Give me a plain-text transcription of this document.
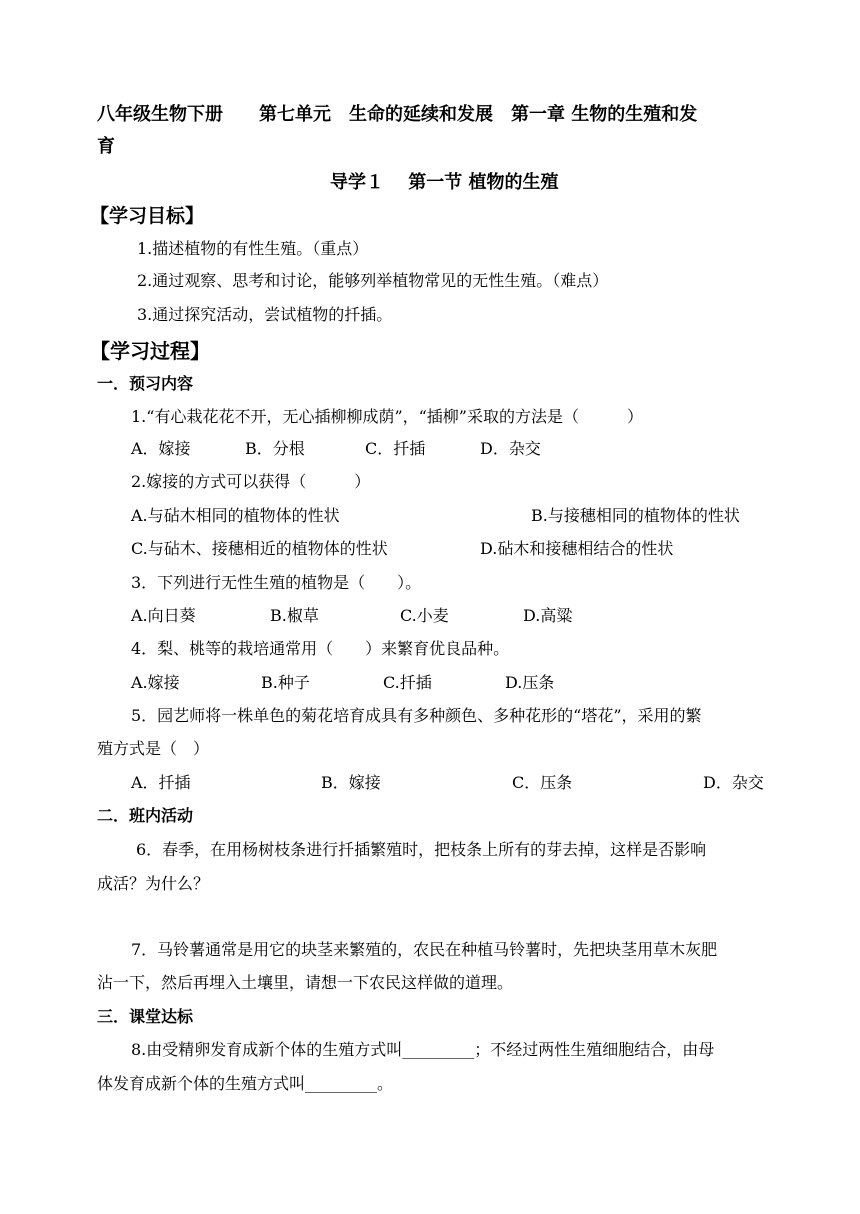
八年级生物下册　　第七单元　生命的延续和发展　第一章 生物的生殖和发
育
导学１　 第一节 植物的生殖
【学习目标】
1.描述植物的有性生殖。（重点）
2.通过观察、思考和讨论，能够列举植物常见的无性生殖。（难点）
3.通过探究活动，尝试植物的扦插。
【学习过程】
一．预习内容
1.“有心栽花花不开，无心插柳柳成荫”，“插柳”采取的方法是（　　　）
A．嫁接	B．分根	C．扦插	D．杂交
2.嫁接的方式可以获得（　　　）
A.与砧木相同的植物体的性状	B.与接穗相同的植物体的性状
C.与砧木、接穗相近的植物体的性状	D.砧木和接穗相结合的性状
3．下列进行无性生殖的植物是（　　）。
A.向日葵	B.椒草	C.小麦	D.高粱
4．梨、桃等的栽培通常用（　　）来繁育优良品种。
A.嫁接	B.种子	C.扦插	D.压条
5．园艺师将一株单色的菊花培育成具有多种颜色、多种花形的“塔花”，采用的繁
殖方式是（　）
A．扦插	B．嫁接	C．压条	D．杂交
二．班内活动
6．春季，在用杨树枝条进行扦插繁殖时，把枝条上所有的芽去掉，这样是否影响
成活？为什么？
7．马铃薯通常是用它的块茎来繁殖的，农民在种植马铃薯时，先把块茎用草木灰肥
沾一下，然后再埋入土壤里，请想一下农民这样做的道理。
三．课堂达标
8.由受精卵发育成新个体的生殖方式叫_________；不经过两性生殖细胞结合，由母
体发育成新个体的生殖方式叫_________。
